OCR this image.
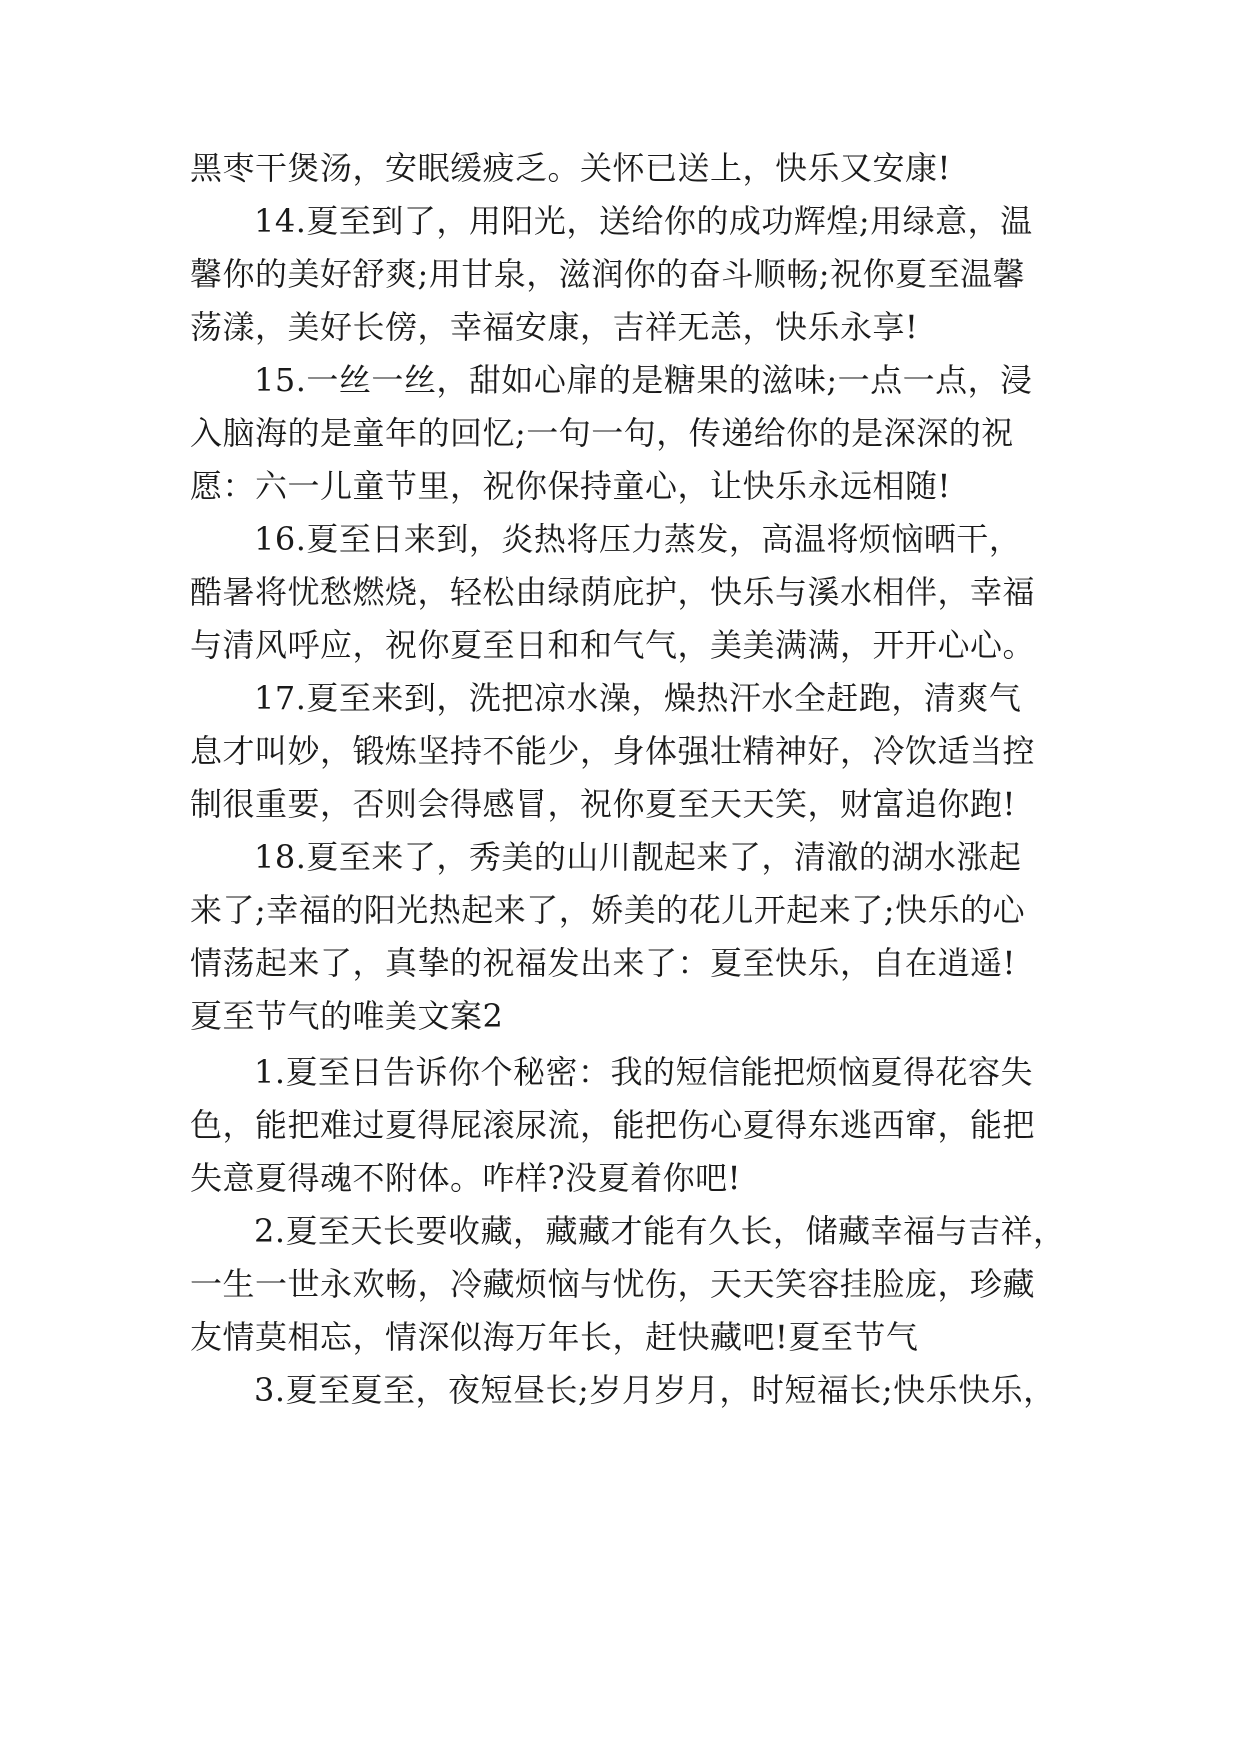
黑枣干煲汤，安眠缓疲乏。关怀已送上，快乐又安康!
14.夏至到了，用阳光，送给你的成功辉煌;用绿意，温
馨你的美好舒爽;用甘泉，滋润你的奋斗顺畅;祝你夏至温馨
荡漾，美好长傍，幸福安康，吉祥无恙，快乐永享!
15.一丝一丝，甜如心扉的是糖果的滋味;一点一点，浸
入脑海的是童年的回忆;一句一句，传递给你的是深深的祝
愿：六一儿童节里，祝你保持童心，让快乐永远相随!
16.夏至日来到，炎热将压力蒸发，高温将烦恼晒干，
酷暑将忧愁燃烧，轻松由绿荫庇护，快乐与溪水相伴，幸福
与清风呼应，祝你夏至日和和气气，美美满满，开开心心。
17.夏至来到，洗把凉水澡，燥热汗水全赶跑，清爽气
息才叫妙，锻炼坚持不能少，身体强壮精神好，冷饮适当控
制很重要，否则会得感冒，祝你夏至天天笑，财富追你跑!
18.夏至来了，秀美的山川靓起来了，清澈的湖水涨起
来了;幸福的阳光热起来了，娇美的花儿开起来了;快乐的心
情荡起来了，真挚的祝福发出来了：夏至快乐，自在逍遥!
夏至节气的唯美文案2
1.夏至日告诉你个秘密：我的短信能把烦恼夏得花容失
色，能把难过夏得屁滚尿流，能把伤心夏得东逃西窜，能把
失意夏得魂不附体。咋样?没夏着你吧!
2.夏至天长要收藏，藏藏才能有久长，储藏幸福与吉祥，
一生一世永欢畅，冷藏烦恼与忧伤，天天笑容挂脸庞，珍藏
友情莫相忘，情深似海万年长，赶快藏吧!夏至节气
3.夏至夏至，夜短昼长;岁月岁月，时短福长;快乐快乐，
